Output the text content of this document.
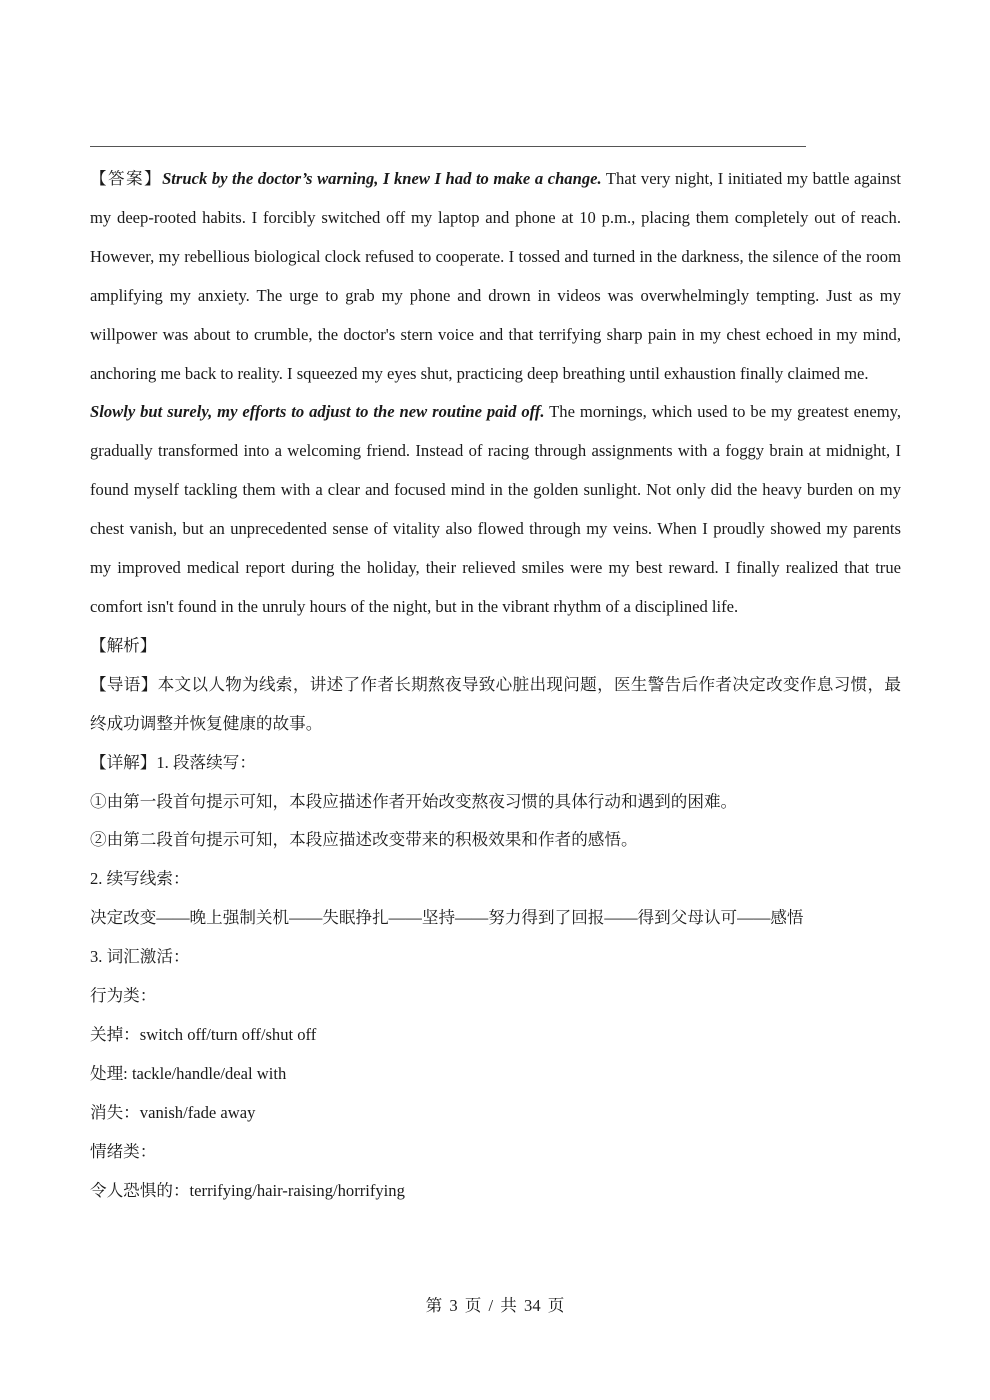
【答案】Struck by the doctor’s warning, I knew I had to make a change. That very night, I initiated my battle against my deep-rooted habits. I forcibly switched off my laptop and phone at 10 p.m., placing them completely out of reach. However, my rebellious biological clock refused to cooperate. I tossed and turned in the darkness, the silence of the room amplifying my anxiety. The urge to grab my phone and drown in videos was overwhelmingly tempting. Just as my willpower was about to crumble, the doctor's stern voice and that terrifying sharp pain in my chest echoed in my mind, anchoring me back to reality. I squeezed my eyes shut, practicing deep breathing until exhaustion finally claimed me.

Slowly but surely, my efforts to adjust to the new routine paid off. The mornings, which used to be my greatest enemy, gradually transformed into a welcoming friend. Instead of racing through assignments with a foggy brain at midnight, I found myself tackling them with a clear and focused mind in the golden sunlight. Not only did the heavy burden on my chest vanish, but an unprecedented sense of vitality also flowed through my veins. When I proudly showed my parents my improved medical report during the holiday, their relieved smiles were my best reward. I finally realized that true comfort isn't found in the unruly hours of the night, but in the vibrant rhythm of a disciplined life.

【解析】

【导语】本文以人物为线索，讲述了作者长期熬夜导致心脏出现问题，医生警告后作者决定改变作息习惯，最终成功调整并恢复健康的故事。

【详解】1. 段落续写：

①由第一段首句提示可知，本段应描述作者开始改变熬夜习惯的具体行动和遇到的困难。

②由第二段首句提示可知，本段应描述改变带来的积极效果和作者的感悟。

2. 续写线索：

决定改变——晚上强制关机——失眠挣扎——坚持——努力得到了回报——得到父母认可——感悟

3. 词汇激活：

行为类：

关掉：switch off/turn off/shut off

处理: tackle/handle/deal with

消失：vanish/fade away

情绪类：

令人恐惧的：terrifying/hair-raising/horrifying

第 3 页 / 共 34 页
